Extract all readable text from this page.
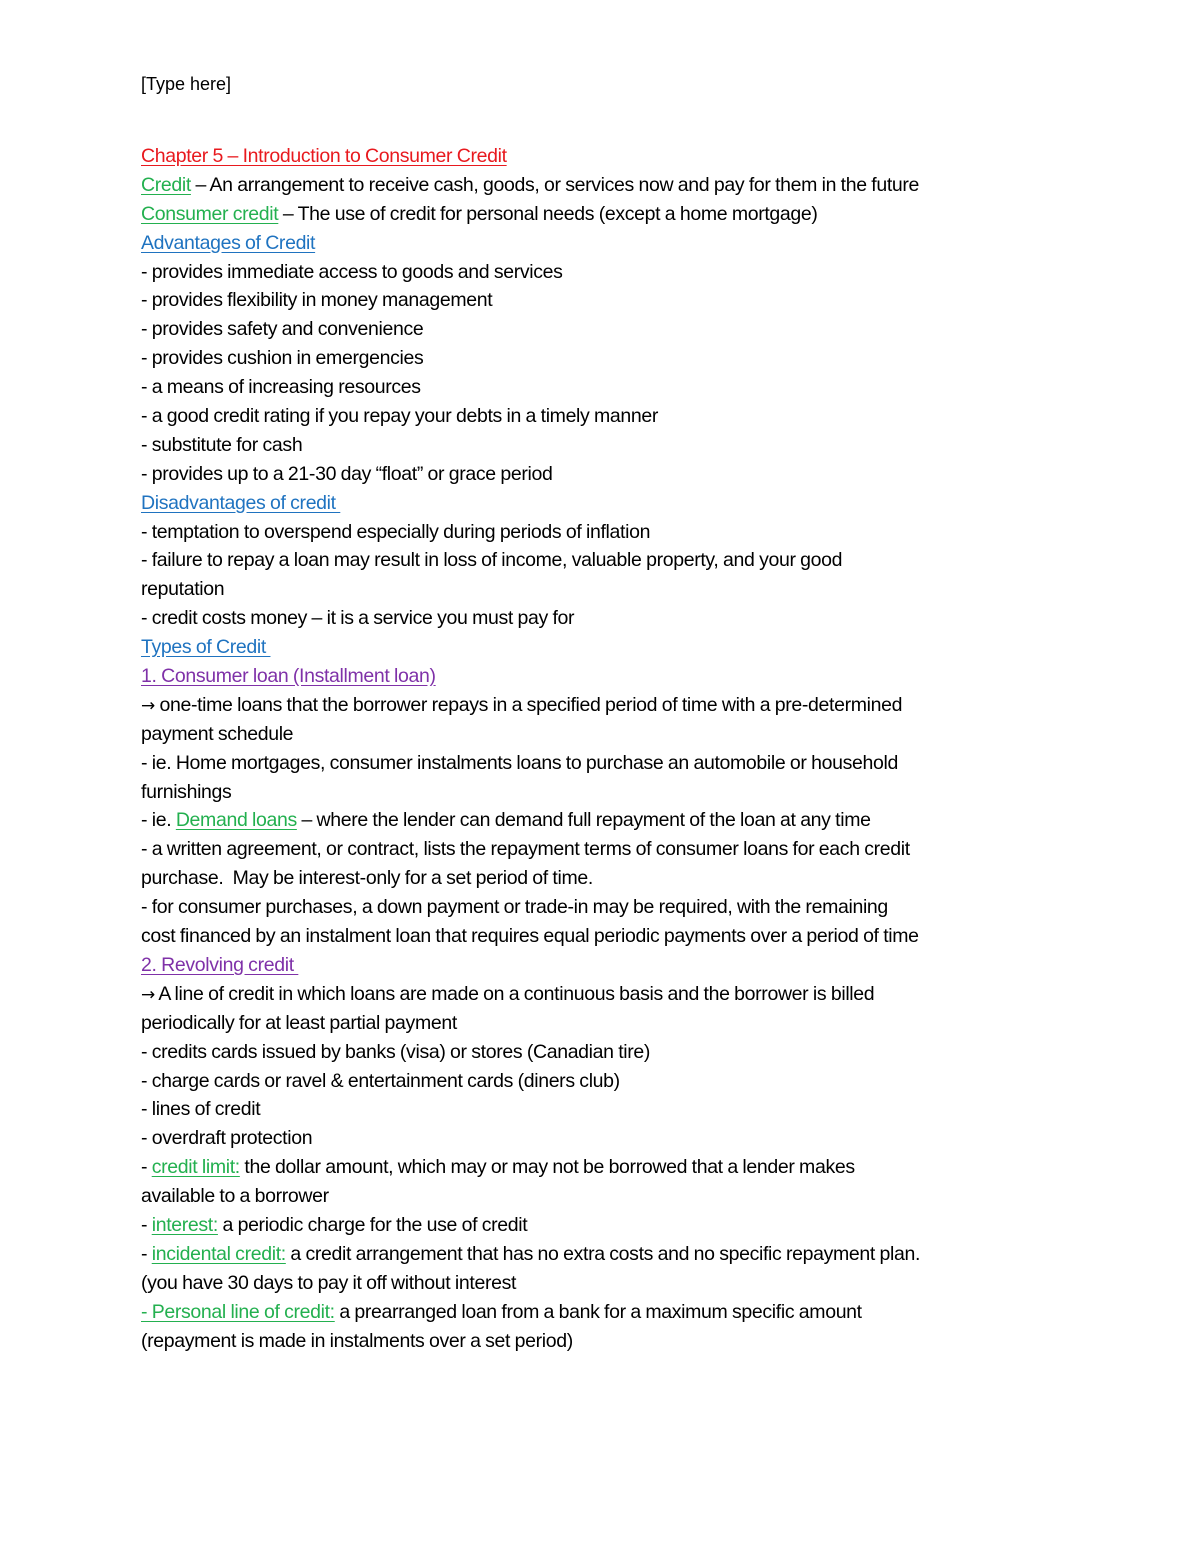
[Type here]
Chapter 5 – Introduction to Consumer Credit
Credit – An arrangement to receive cash, goods, or services now and pay for them in the future
Consumer credit – The use of credit for personal needs (except a home mortgage)
Advantages of Credit
- provides immediate access to goods and services
- provides flexibility in money management
- provides safety and convenience
- provides cushion in emergencies
- a means of increasing resources
- a good credit rating if you repay your debts in a timely manner
- substitute for cash
- provides up to a 21-30 day “float” or grace period
Disadvantages of credit
- temptation to overspend especially during periods of inflation
- failure to repay a loan may result in loss of income, valuable property, and your good
reputation
- credit costs money – it is a service you must pay for
Types of Credit
1. Consumer loan (Installment loan)
→ one-time loans that the borrower repays in a specified period of time with a pre-determined
payment schedule
- ie. Home mortgages, consumer instalments loans to purchase an automobile or household
furnishings
- ie. Demand loans – where the lender can demand full repayment of the loan at any time
- a written agreement, or contract, lists the repayment terms of consumer loans for each credit
purchase.  May be interest-only for a set period of time.
- for consumer purchases, a down payment or trade-in may be required, with the remaining
cost financed by an instalment loan that requires equal periodic payments over a period of time
2. Revolving credit
→ A line of credit in which loans are made on a continuous basis and the borrower is billed
periodically for at least partial payment
- credits cards issued by banks (visa) or stores (Canadian tire)
- charge cards or ravel & entertainment cards (diners club)
- lines of credit
- overdraft protection
- credit limit: the dollar amount, which may or may not be borrowed that a lender makes
available to a borrower
- interest: a periodic charge for the use of credit
- incidental credit: a credit arrangement that has no extra costs and no specific repayment plan.
(you have 30 days to pay it off without interest
- Personal line of credit: a prearranged loan from a bank for a maximum specific amount
(repayment is made in instalments over a set period)
